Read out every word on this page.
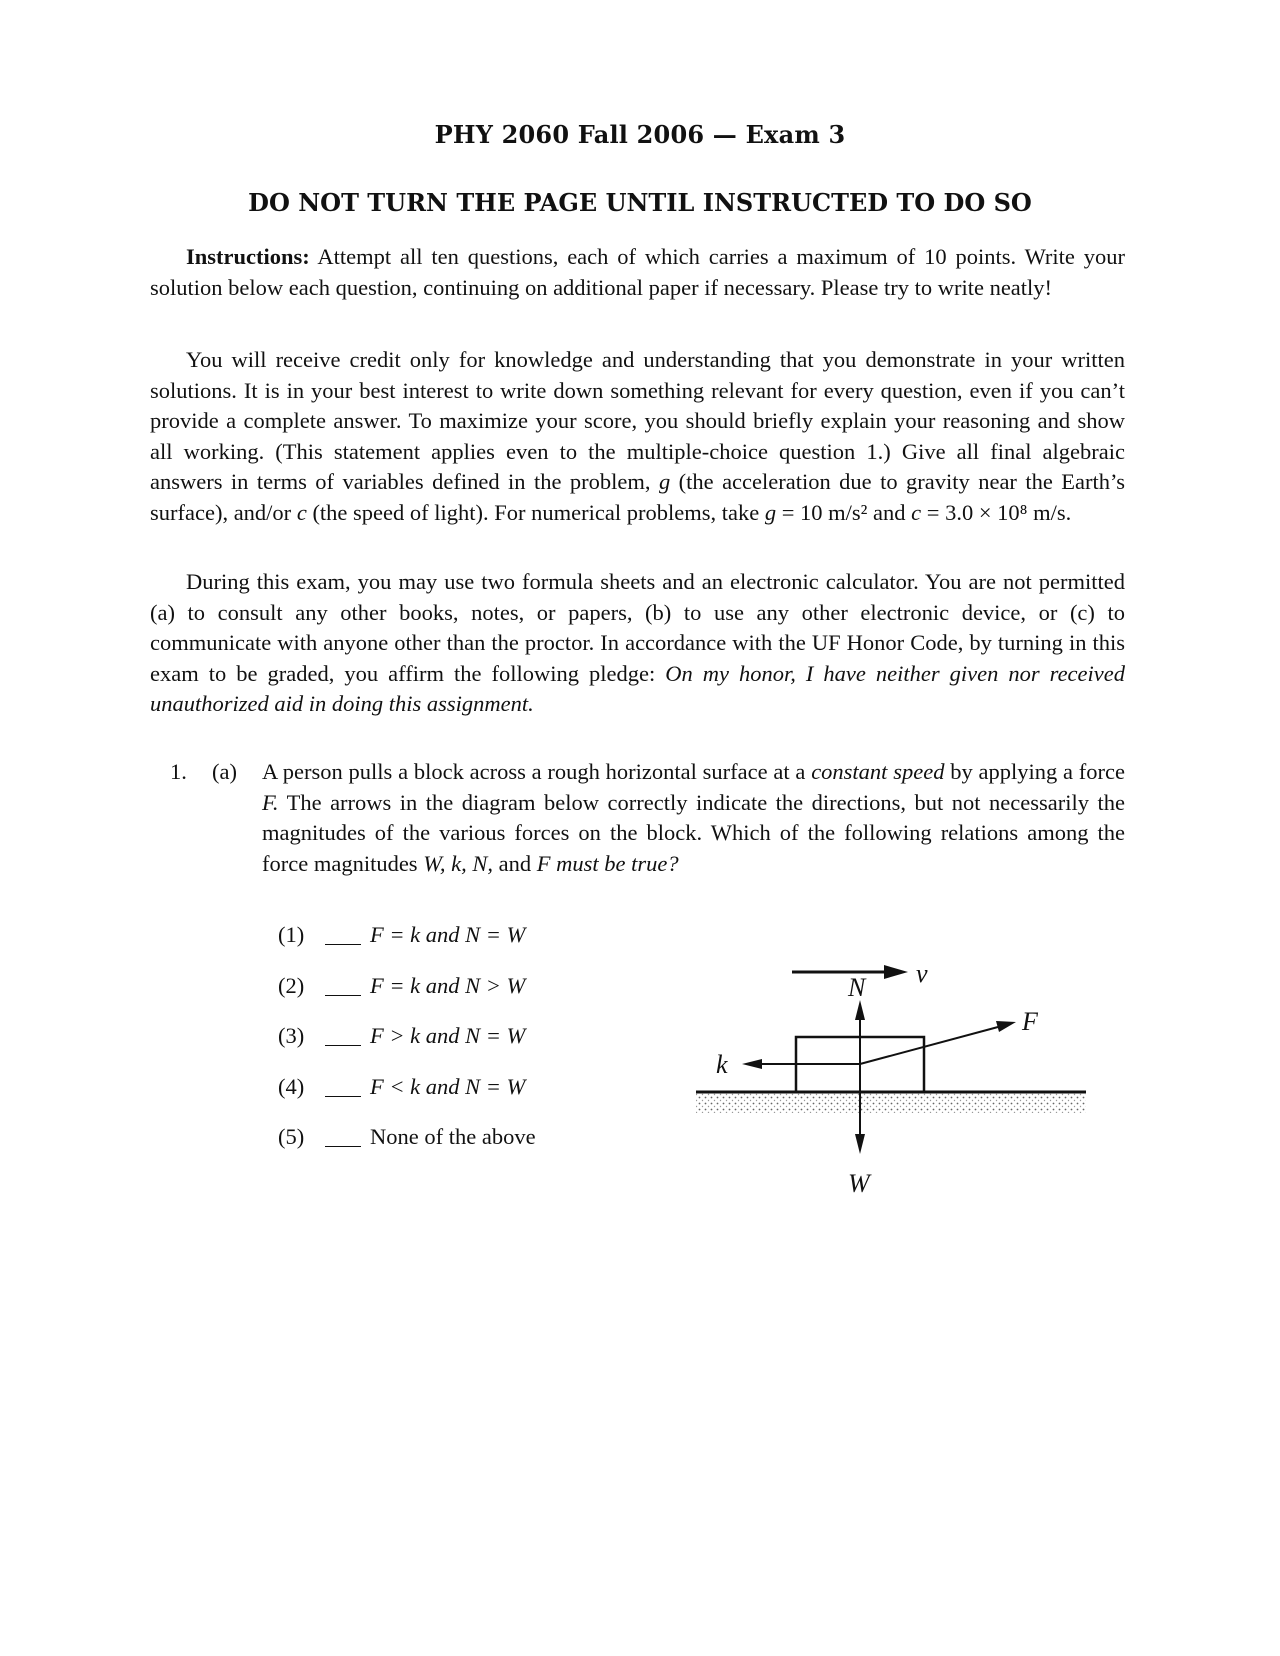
PHY 2060 Fall 2006 — Exam 3
DO NOT TURN THE PAGE UNTIL INSTRUCTED TO DO SO
Instructions: Attempt all ten questions, each of which carries a maximum of 10 points. Write your solution below each question, continuing on additional paper if necessary. Please try to write neatly!
You will receive credit only for knowledge and understanding that you demonstrate in your written solutions. It is in your best interest to write down something relevant for every question, even if you can’t provide a complete answer. To maximize your score, you should briefly explain your reasoning and show all working. (This statement applies even to the multiple-choice question 1.) Give all final algebraic answers in terms of variables defined in the problem, g (the acceleration due to gravity near the Earth’s surface), and/or c (the speed of light). For numerical problems, take g = 10 m/s² and c = 3.0 × 10⁸ m/s.
During this exam, you may use two formula sheets and an electronic calculator. You are not permitted (a) to consult any other books, notes, or papers, (b) to use any other electronic device, or (c) to communicate with anyone other than the proctor. In accordance with the UF Honor Code, by turning in this exam to be graded, you affirm the following pledge: On my honor, I have neither given nor received unauthorized aid in doing this assignment.
1. (a) A person pulls a block across a rough horizontal surface at a constant speed by applying a force F. The arrows in the diagram below correctly indicate the directions, but not necessarily the magnitudes of the various forces on the block. Which of the following relations among the force magnitudes W, k, N, and F must be true?
(1)	F = k and N = W
(2)	F = k and N > W
(3)	F > k and N = W
(4)	F < k and N = W
(5)	None of the above
v
N
W
k
F
